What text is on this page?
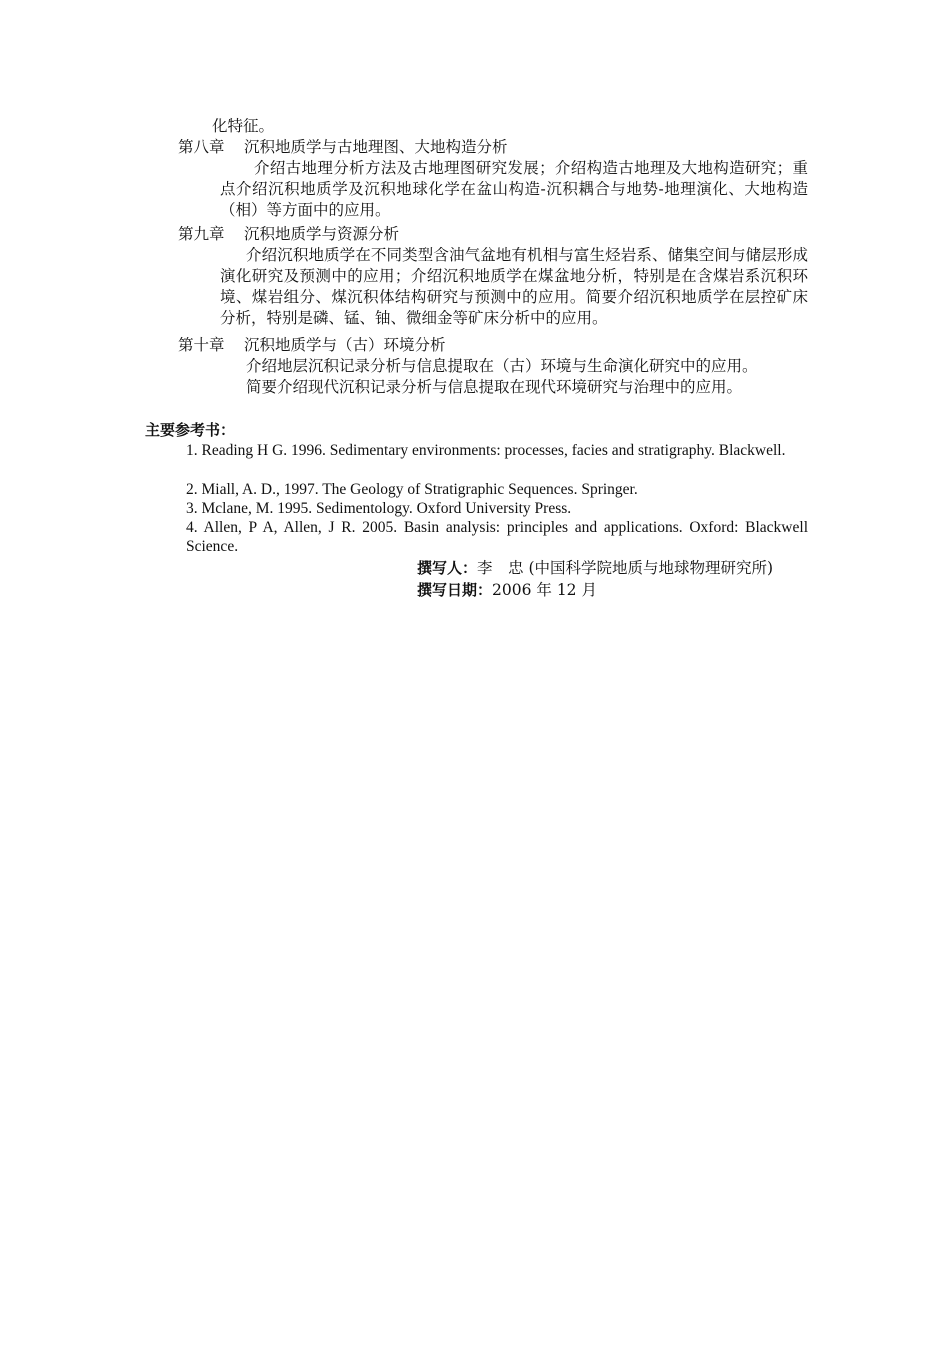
化特征。
第八章 沉积地质学与古地理图、大地构造分析
介绍古地理分析方法及古地理图研究发展；介绍构造古地理及大地构造研究；重点介绍沉积地质学及沉积地球化学在盆山构造-沉积耦合与地势-地理演化、大地构造（相）等方面中的应用。
第九章 沉积地质学与资源分析
介绍沉积地质学在不同类型含油气盆地有机相与富生烃岩系、储集空间与储层形成演化研究及预测中的应用；介绍沉积地质学在煤盆地分析，特别是在含煤岩系沉积环境、煤岩组分、煤沉积体结构研究与预测中的应用。简要介绍沉积地质学在层控矿床分析，特别是磷、锰、铀、微细金等矿床分析中的应用。
第十章 沉积地质学与（古）环境分析
介绍地层沉积记录分析与信息提取在（古）环境与生命演化研究中的应用。
简要介绍现代沉积记录分析与信息提取在现代环境研究与治理中的应用。
主要参考书：
1. Reading H G. 1996. Sedimentary environments: processes, facies and stratigraphy. Blackwell.
2. Miall, A. D., 1997. The Geology of Stratigraphic Sequences. Springer.
3. Mclane, M. 1995. Sedimentology. Oxford University Press.
4. Allen, P A, Allen, J R. 2005. Basin analysis: principles and applications. Oxford: Blackwell Science.
撰写人：李　忠 (中国科学院地质与地球物理研究所)
撰写日期：2006 年 12 月
